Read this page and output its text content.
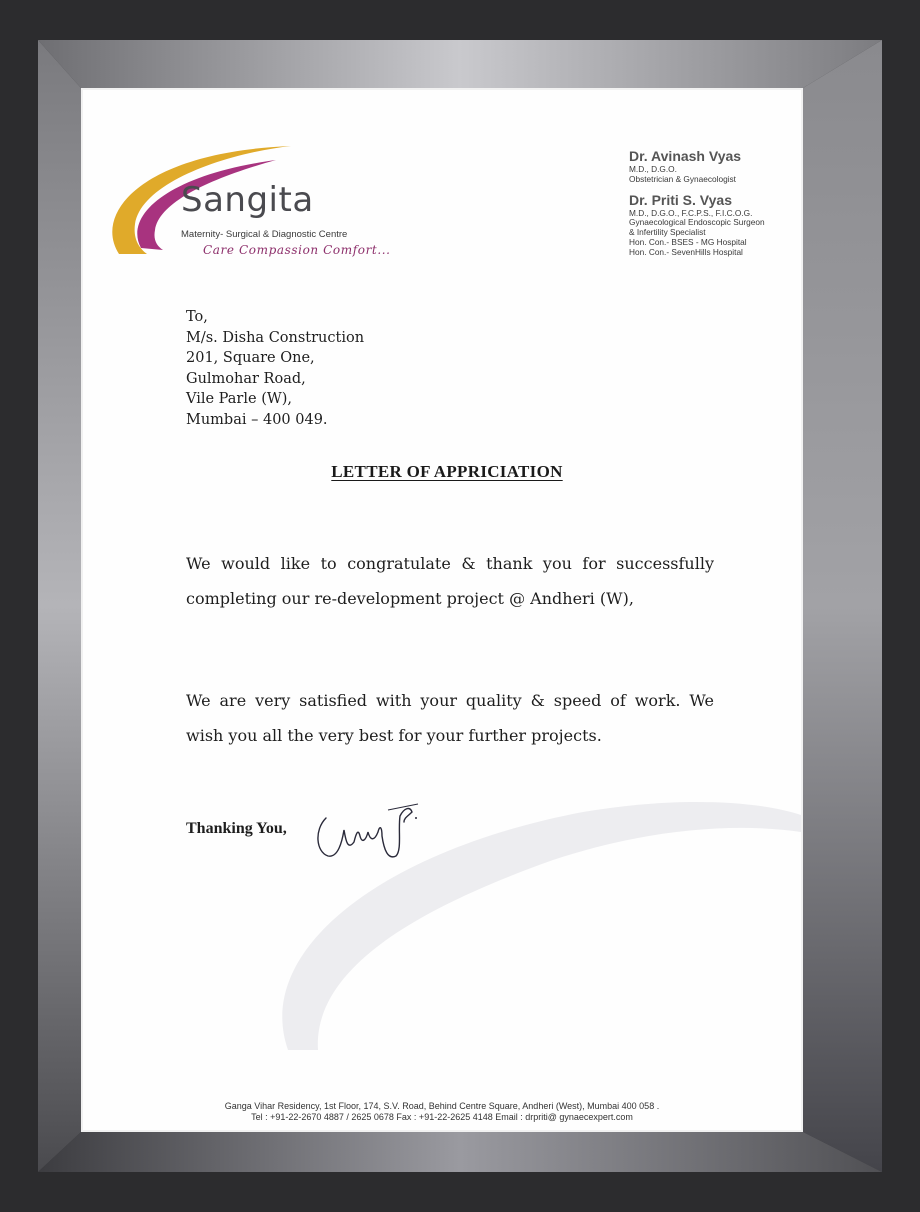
Sangita
Maternity- Surgical & Diagnostic Centre
Care Compassion Comfort...

Dr. Avinash Vyas

M.D., D.G.O.

Obstetrician & Gynaecologist

Dr. Priti S. Vyas

M.D., D.G.O., F.C.P.S., F.I.C.O.G.

Gynaecological Endoscopic Surgeon

& Infertility Specialist

Hon. Con.- BSES - MG Hospital

Hon. Con.- SevenHills Hospital

To,
M/s. Disha Construction
201, Square One,
Gulmohar Road,
Vile Parle (W),
Mumbai – 400 049.
LETTER OF APPRICIATION

We would like to congratulate & thank you for successfully completing our re-development project @ Andheri (W),

We are very satisfied with your quality & speed of work. We wish you all the very best for your further projects.

Thanking You,
Ganga Vihar Residency, 1st Floor, 174, S.V. Road, Behind Centre Square, Andheri (West), Mumbai 400 058 .
Tel : +91-22-2670 4887 / 2625 0678 Fax : +91-22-2625 4148 Email : drpriti@ gynaecexpert.com
